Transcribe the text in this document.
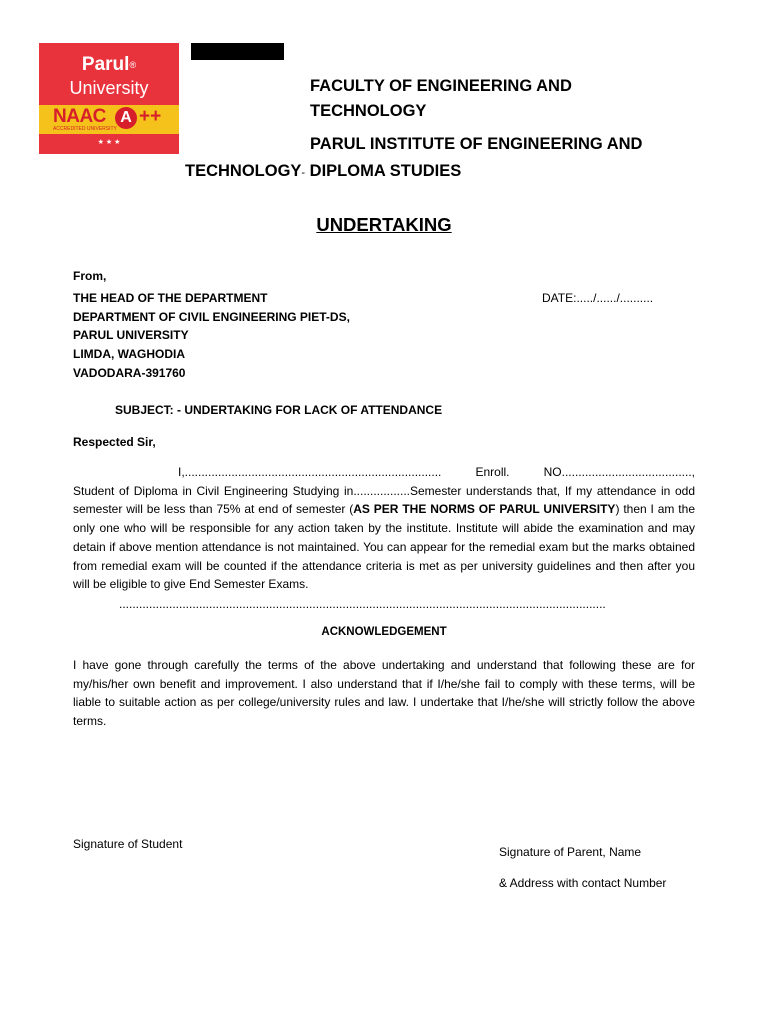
Parul®
University
NAAC
ACCREDITED UNIVERSITY
A ++
★ ★ ★
FACULTY OF ENGINEERING AND TECHNOLOGY
PARUL INSTITUTE OF ENGINEERING AND
TECHNOLOGY- DIPLOMA STUDIES
UNDERTAKING
From,
THE HEAD OF THE DEPARTMENT
DEPARTMENT OF CIVIL ENGINEERING PIET-DS,
PARUL UNIVERSITY
LIMDA, WAGHODIA
VADODARA-391760
DATE:...../....../..........
SUBJECT: - UNDERTAKING FOR LACK OF ATTENDANCE
Respected Sir,
I,.............................................................................	Enroll.	NO.......................................,
Student of Diploma in Civil Engineering Studying in.................Semester understands that, If my attendance in odd semester will be less than 75% at end of semester (AS PER THE NORMS OF PARUL UNIVERSITY) then I am the only one who will be responsible for any action taken by the institute. Institute will abide the examination and may detain if above mention attendance is not maintained. You can appear for the remedial exam but the marks obtained from remedial exam will be counted if the attendance criteria is met as per university guidelines and then after you will be eligible to give End Semester Exams.
..................................................................................................................................................
ACKNOWLEDGEMENT
I have gone through carefully the terms of the above undertaking and understand that following these are for my/his/her own benefit and improvement. I also understand that if I/he/she fail to comply with these terms, will be liable to suitable action as per college/university rules and law. I undertake that I/he/she will strictly follow the above terms.
Signature of Student
Signature of Parent, Name
& Address with contact Number
